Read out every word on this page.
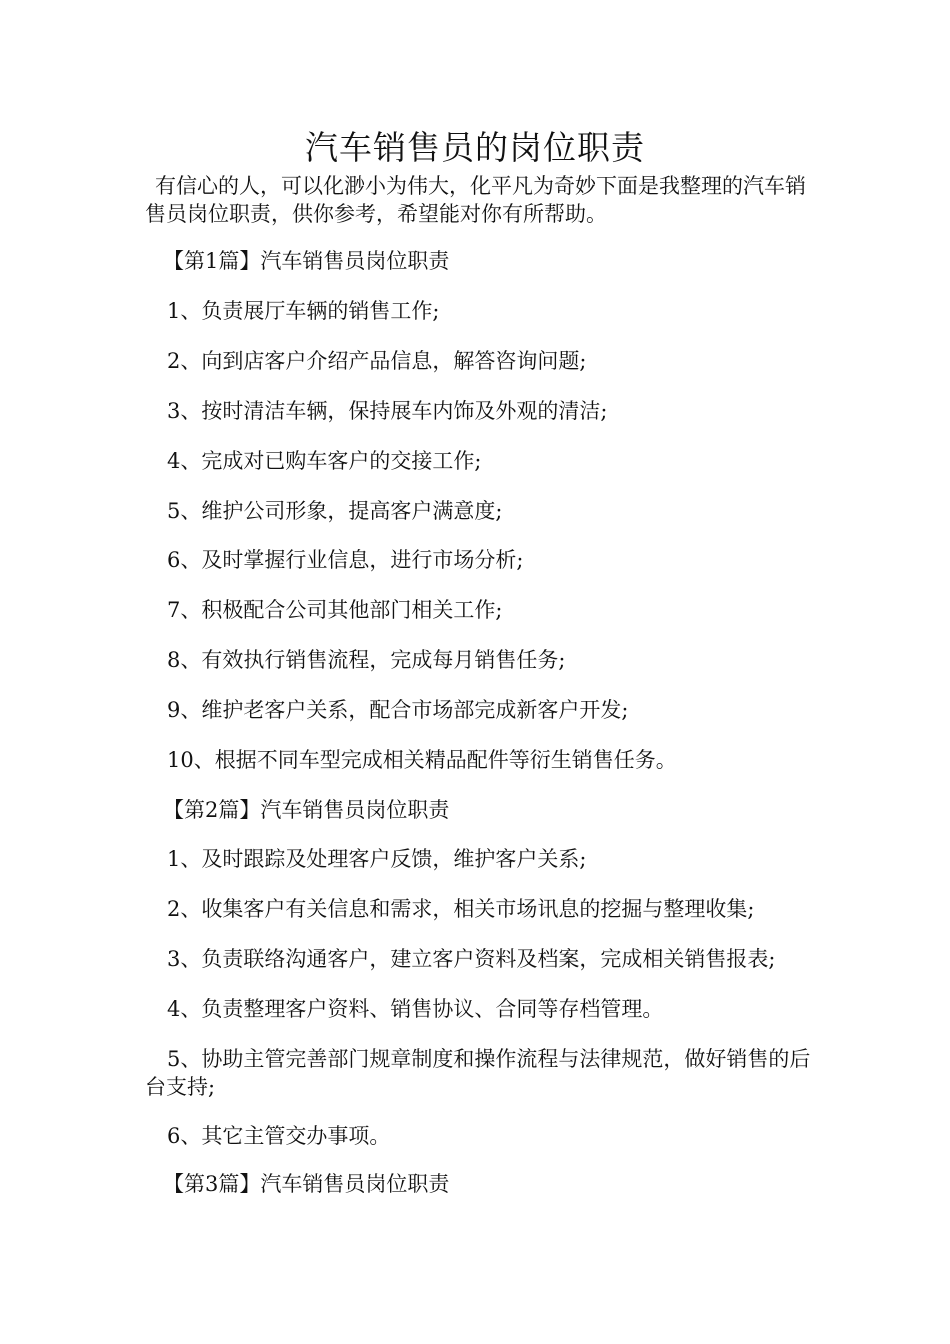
汽车销售员的岗位职责

有信心的人，可以化渺小为伟大，化平凡为奇妙下面是我整理的汽车销售员岗位职责，供你参考，希望能对你有所帮助。

【第1篇】汽车销售员岗位职责

1、负责展厅车辆的销售工作;

2、向到店客户介绍产品信息，解答咨询问题;

3、按时清洁车辆，保持展车内饰及外观的清洁;

4、完成对已购车客户的交接工作;

5、维护公司形象，提高客户满意度;

6、及时掌握行业信息，进行市场分析;

7、积极配合公司其他部门相关工作;

8、有效执行销售流程，完成每月销售任务;

9、维护老客户关系，配合市场部完成新客户开发;

10、根据不同车型完成相关精品配件等衍生销售任务。

【第2篇】汽车销售员岗位职责

1、及时跟踪及处理客户反馈，维护客户关系;

2、收集客户有关信息和需求，相关市场讯息的挖掘与整理收集;

3、负责联络沟通客户，建立客户资料及档案，完成相关销售报表;

4、负责整理客户资料、销售协议、合同等存档管理。

5、协助主管完善部门规章制度和操作流程与法律规范，做好销售的后台支持;

6、其它主管交办事项。

【第3篇】汽车销售员岗位职责
